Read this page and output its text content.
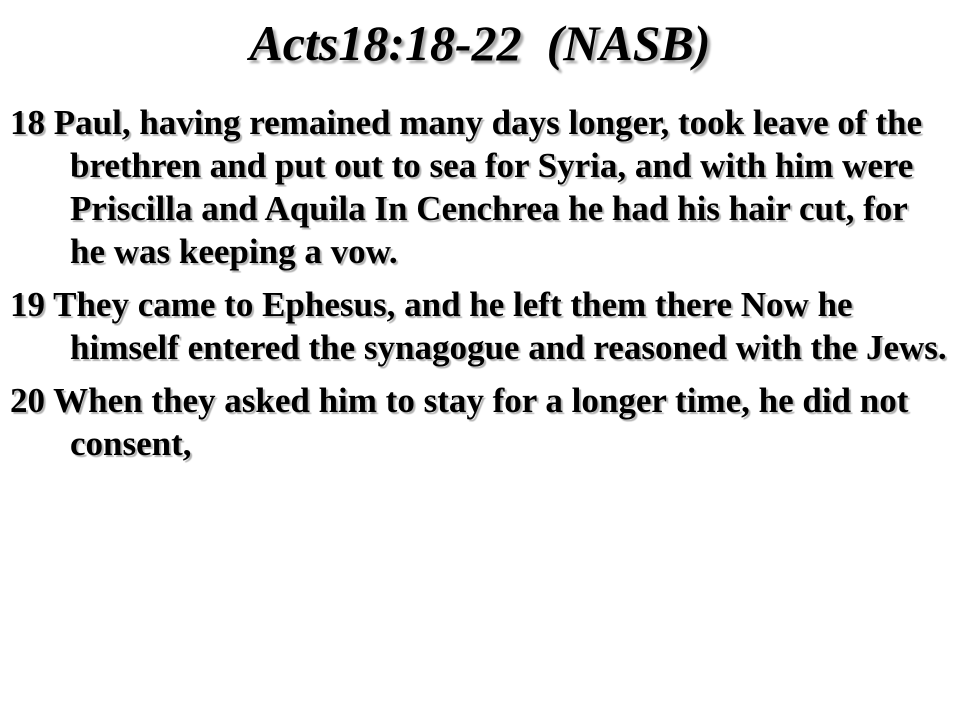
Acts18:18-22  (NASB)
18 Paul, having remained many days longer, took leave of the brethren and put out to sea for Syria, and with him were Priscilla and Aquila In Cenchrea he had his hair cut, for he was keeping a vow.
19 They came to Ephesus, and he left them there Now he himself entered the synagogue and reasoned with the Jews.
20 When they asked him to stay for a longer time, he did not consent,
